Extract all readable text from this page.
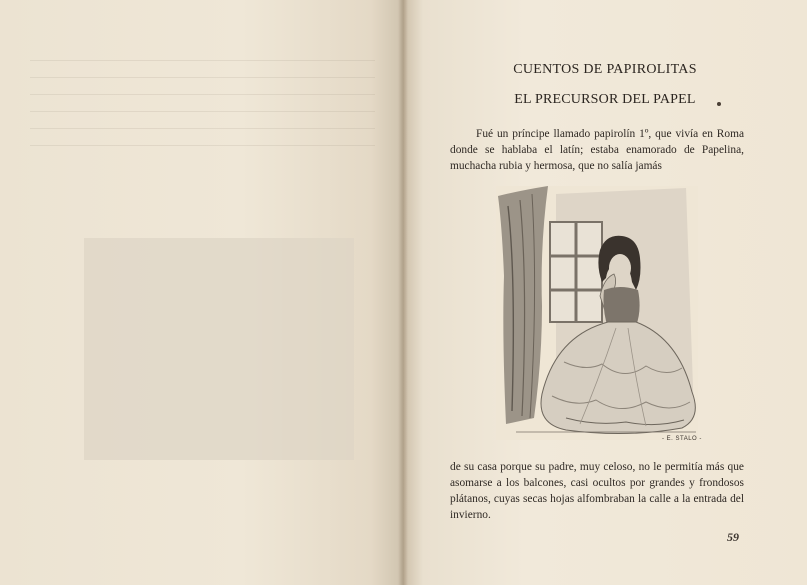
CUENTOS DE PAPIROLITAS
EL PRECURSOR DEL PAPEL
Fué un príncipe llamado papirolín 1º, que vivía en Roma donde se hablaba el latín; estaba enamorado de Papelina, muchacha rubia y hermosa, que no salía jamás
- E. STALO -
de su casa porque su padre, muy celoso, no le permitía más que asomarse a los balcones, casi ocultos por grandes y frondosos plátanos, cuyas secas hojas alfombraban la calle a la entrada del invierno.
59
